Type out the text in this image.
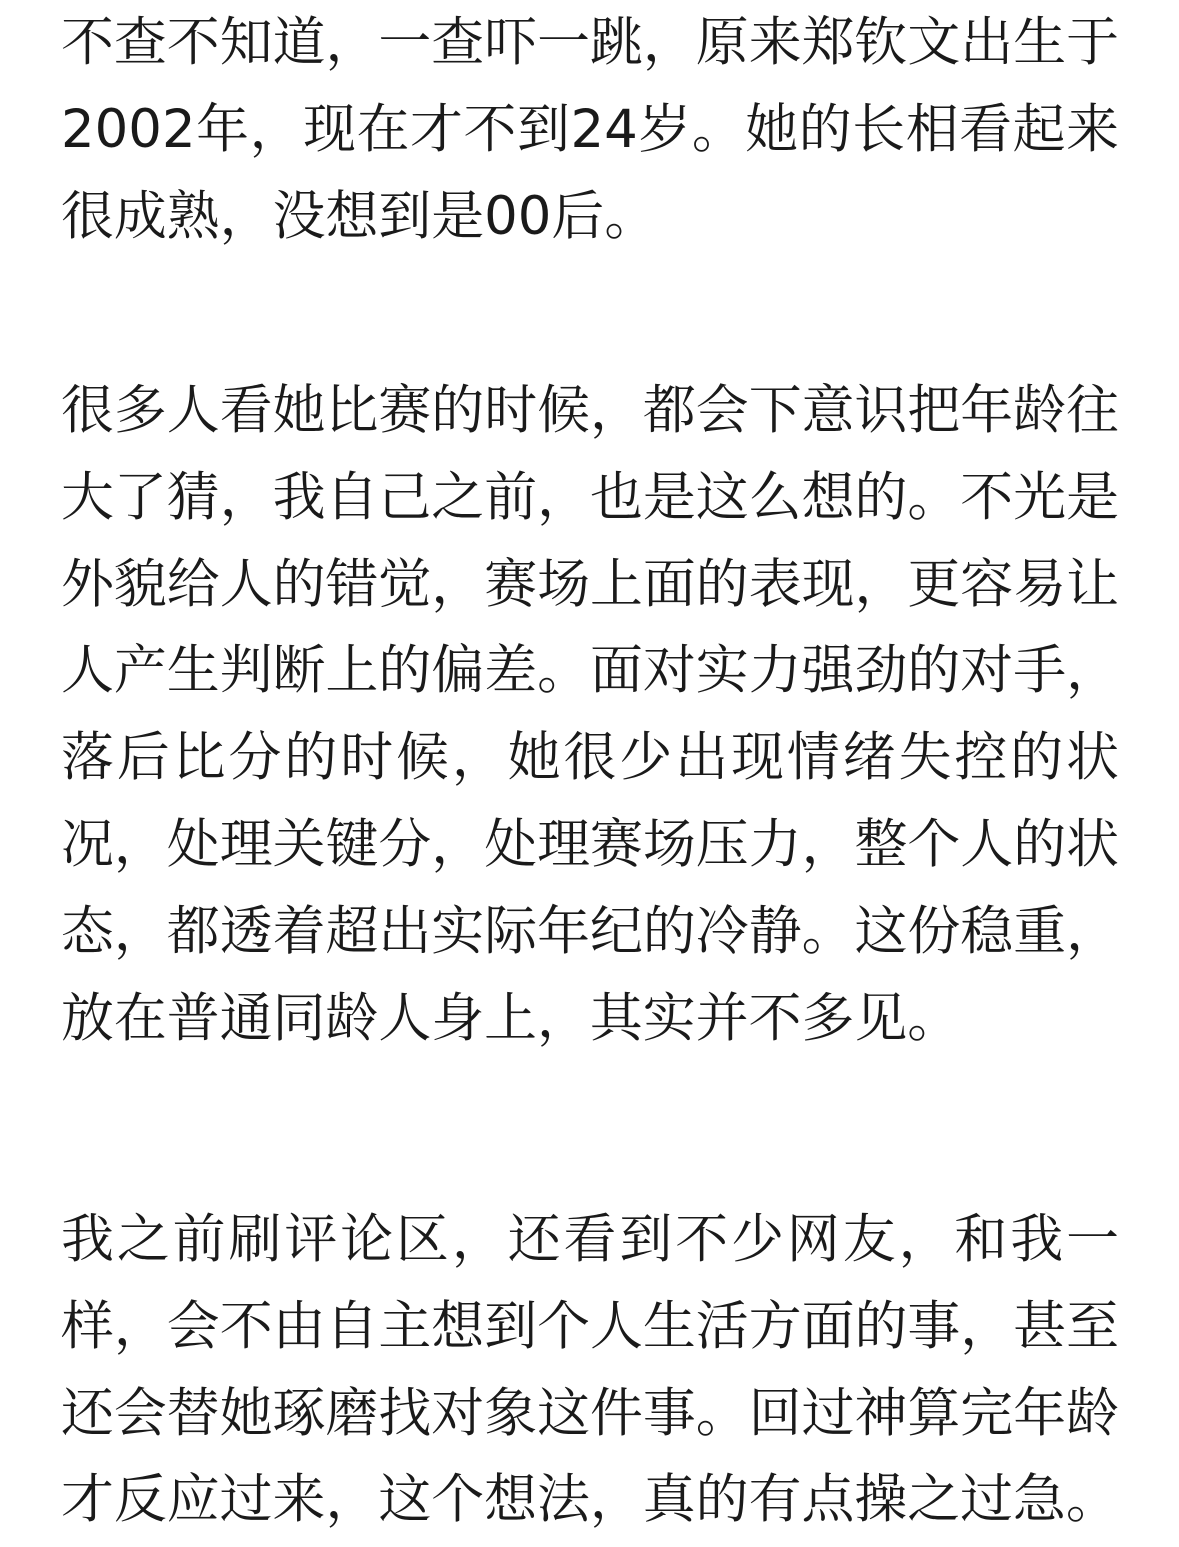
不查不知道，一查吓一跳，原来郑钦文出生于2002年，现在才不到24岁。她的长相看起来很成熟，没想到是00后。

很多人看她比赛的时候，都会下意识把年龄往大了猜，我自己之前，也是这么想的。不光是外貌给人的错觉，赛场上面的表现，更容易让人产生判断上的偏差。面对实力强劲的对手，落后比分的时候，她很少出现情绪失控的状况，处理关键分，处理赛场压力，整个人的状态，都透着超出实际年纪的冷静。这份稳重，放在普通同龄人身上，其实并不多见。

我之前刷评论区，还看到不少网友，和我一样，会不由自主想到个人生活方面的事，甚至还会替她琢磨找对象这件事。回过神算完年龄才反应过来，这个想法，真的有点操之过急。
